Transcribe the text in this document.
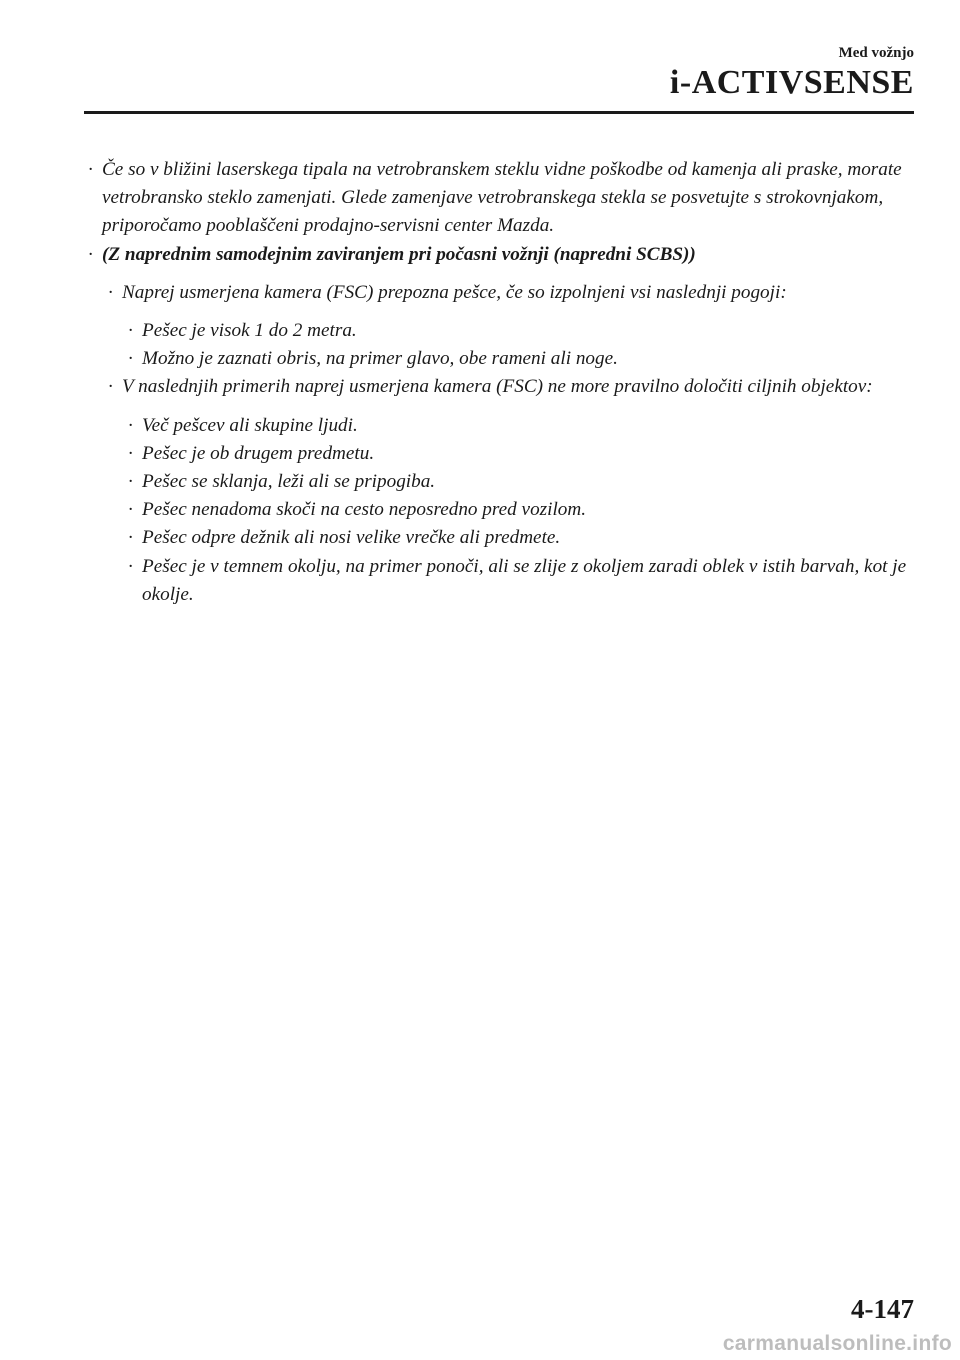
Med vožnjo
i-ACTIVSENSE
· Če so v bližini laserskega tipala na vetrobranskem steklu vidne poškodbe od kamenja ali praske, morate vetrobransko steklo zamenjati. Glede zamenjave vetrobranskega stekla se posvetujte s strokovnjakom, priporočamo pooblaščeni prodajno-servisni center Mazda.
· (Z naprednim samodejnim zaviranjem pri počasni vožnji (napredni SCBS))
· Naprej usmerjena kamera (FSC) prepozna pešce, če so izpolnjeni vsi naslednji pogoji:
· Pešec je visok 1 do 2 metra.
· Možno je zaznati obris, na primer glavo, obe rameni ali noge.
· V naslednjih primerih naprej usmerjena kamera (FSC) ne more pravilno določiti ciljnih objektov:
· Več pešcev ali skupine ljudi.
· Pešec je ob drugem predmetu.
· Pešec se sklanja, leži ali se pripogiba.
· Pešec nenadoma skoči na cesto neposredno pred vozilom.
· Pešec odpre dežnik ali nosi velike vrečke ali predmete.
· Pešec je v temnem okolju, na primer ponoči, ali se zlije z okoljem zaradi oblek v istih barvah, kot je okolje.
4-147
carmanualsonline.info
